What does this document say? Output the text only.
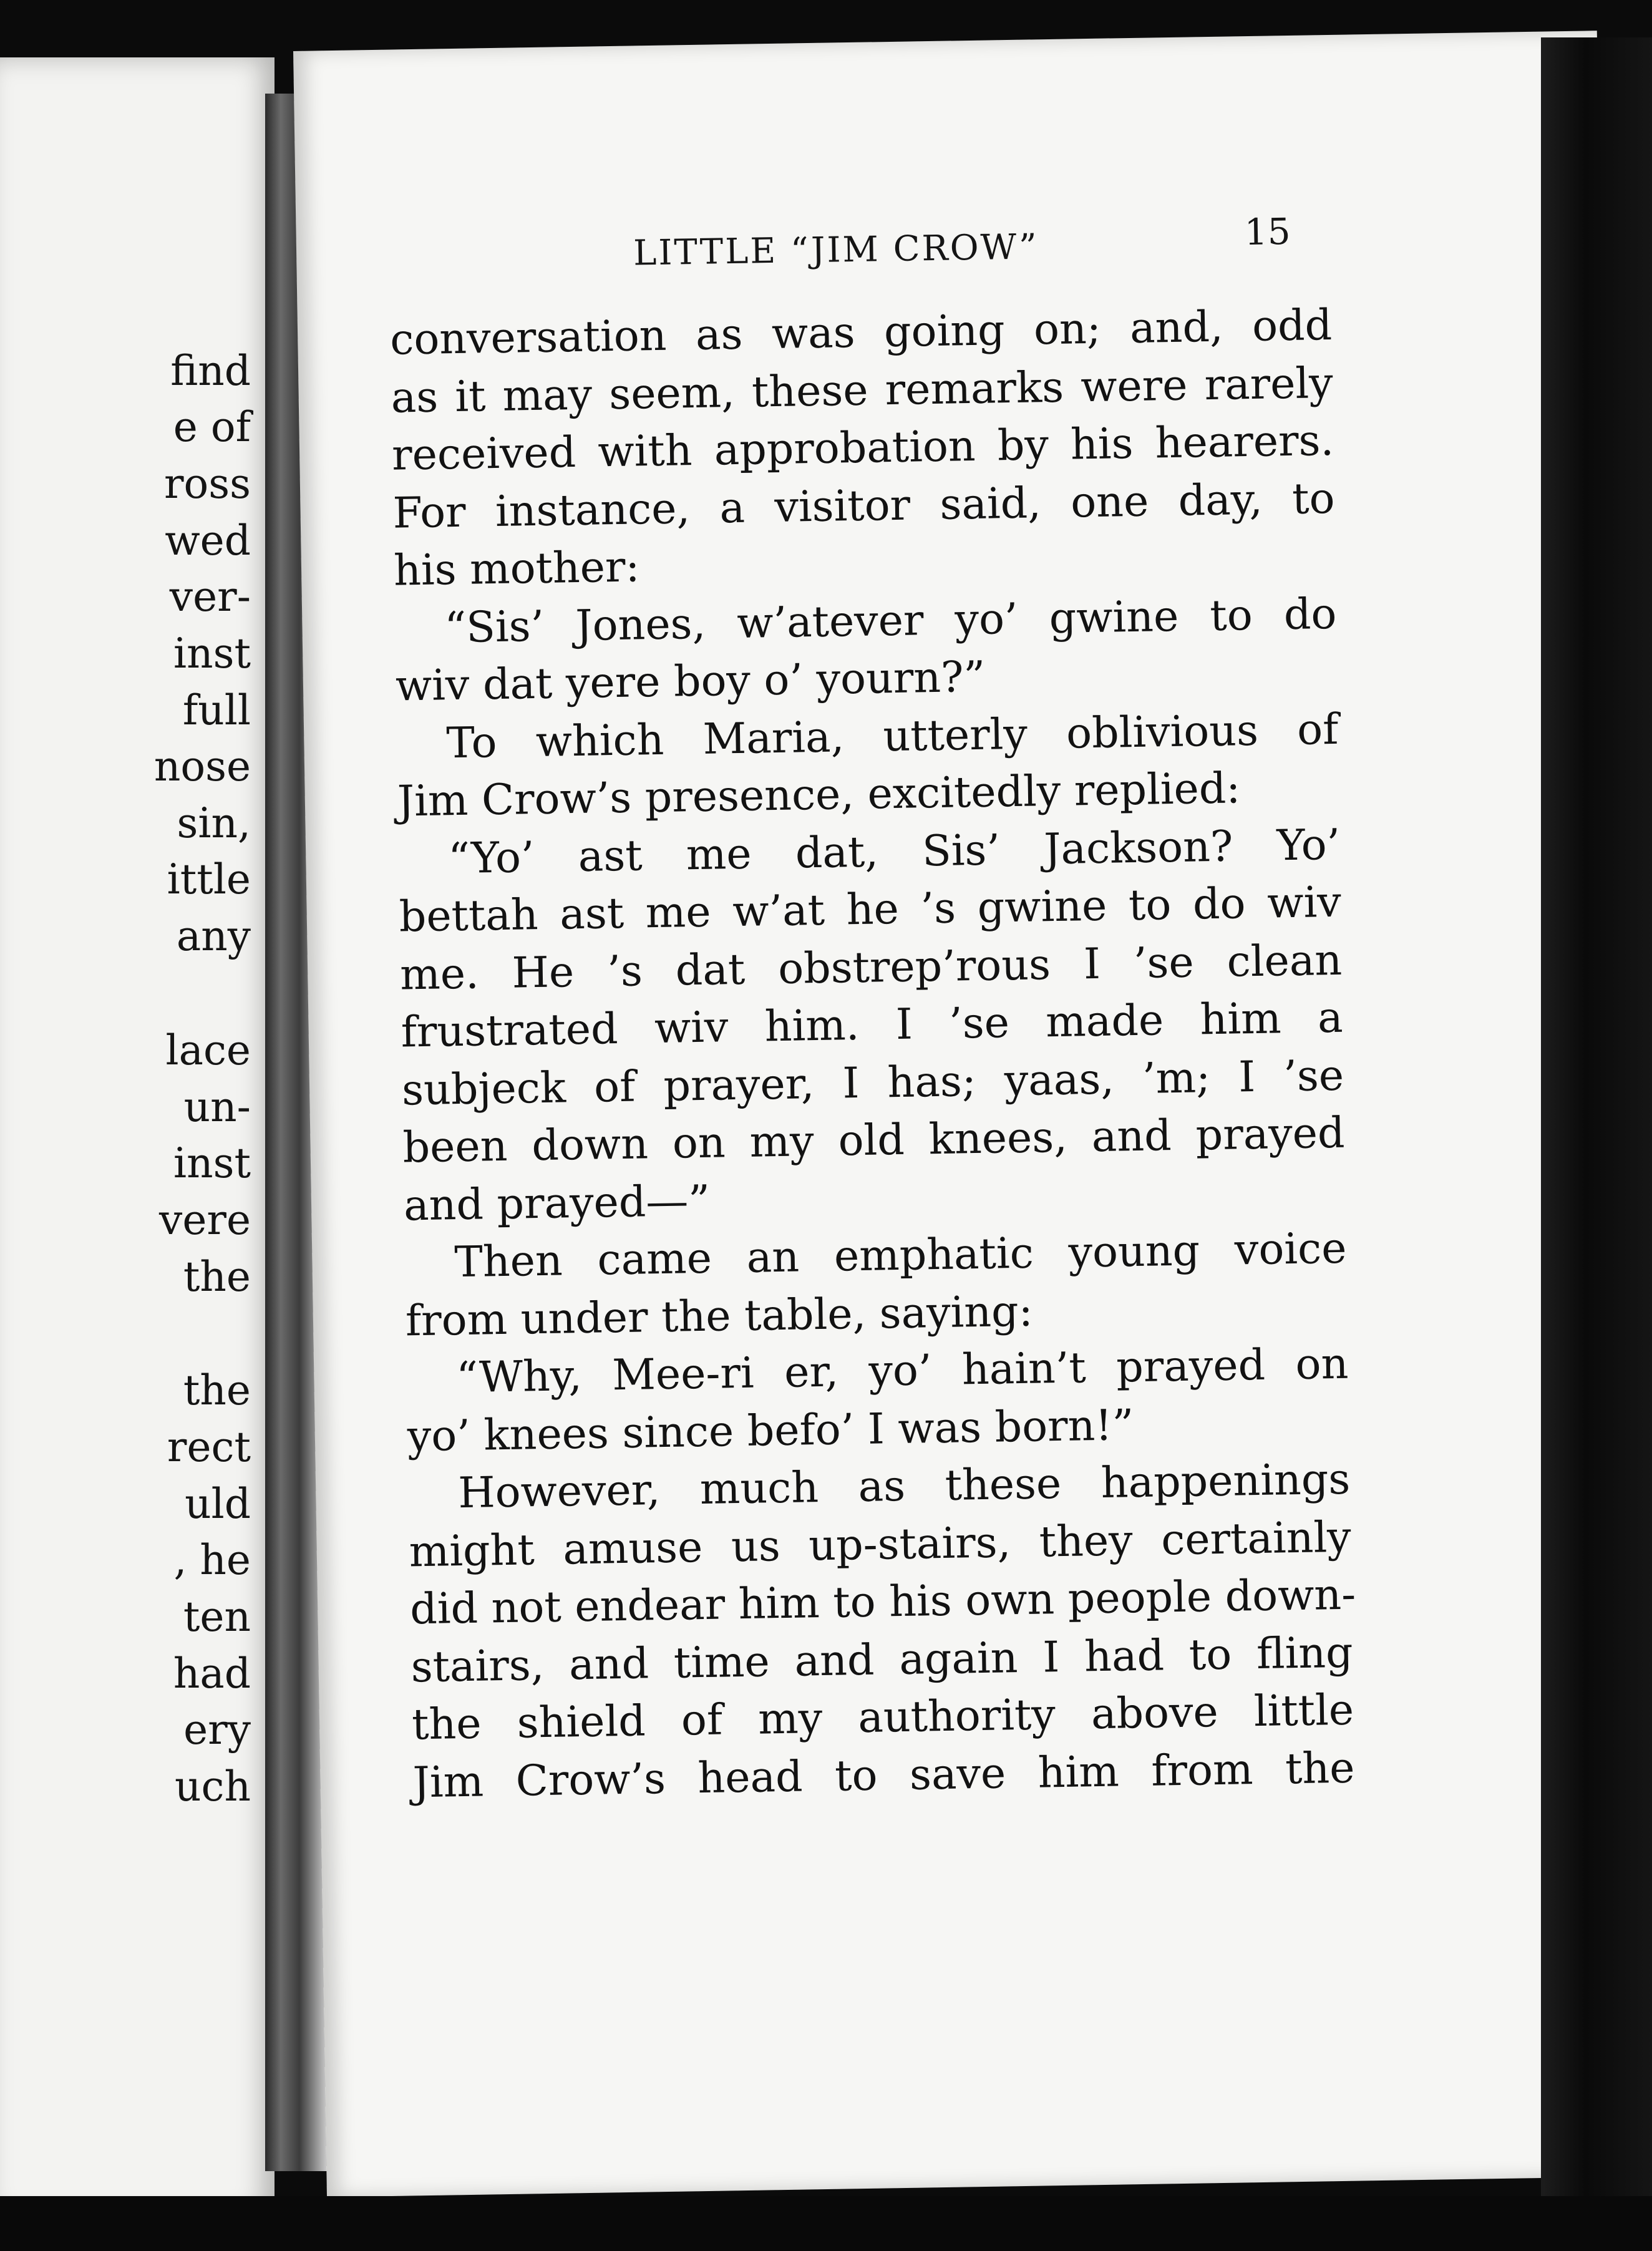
find
e of
ross
wed
ver-
inst
full
nose
sin,
ittle
any
lace
un-
inst
vere
the
the
rect
uld
, he
ten
had
ery
uch
LITTLE “JIM CROW”	15
conversation as was going on; and, odd
as it may seem, these remarks were rarely
received with approbation by his hearers.
For instance, a visitor said, one day, to
his mother:
“Sis’ Jones, w’atever yo’ gwine to do
wiv dat yere boy o’ yourn?”
To which Maria, utterly oblivious of
Jim Crow’s presence, excitedly replied:
“Yo’ ast me dat, Sis’ Jackson? Yo’
bettah ast me w’at he ’s gwine to do wiv
me. He ’s dat obstrep’rous I ’se clean
frustrated wiv him. I ’se made him a
subjeck of prayer, I has; yaas, ’m; I ’se
been down on my old knees, and prayed
and prayed—”
Then came an emphatic young voice
from under the table, saying:
“Why, Mee-ri er, yo’ hain’t prayed on
yo’ knees since befo’ I was born!”
However, much as these happenings
might amuse us up-stairs, they certainly
did not endear him to his own people down-
stairs, and time and again I had to fling
the shield of my authority above little
Jim Crow’s head to save him from the
